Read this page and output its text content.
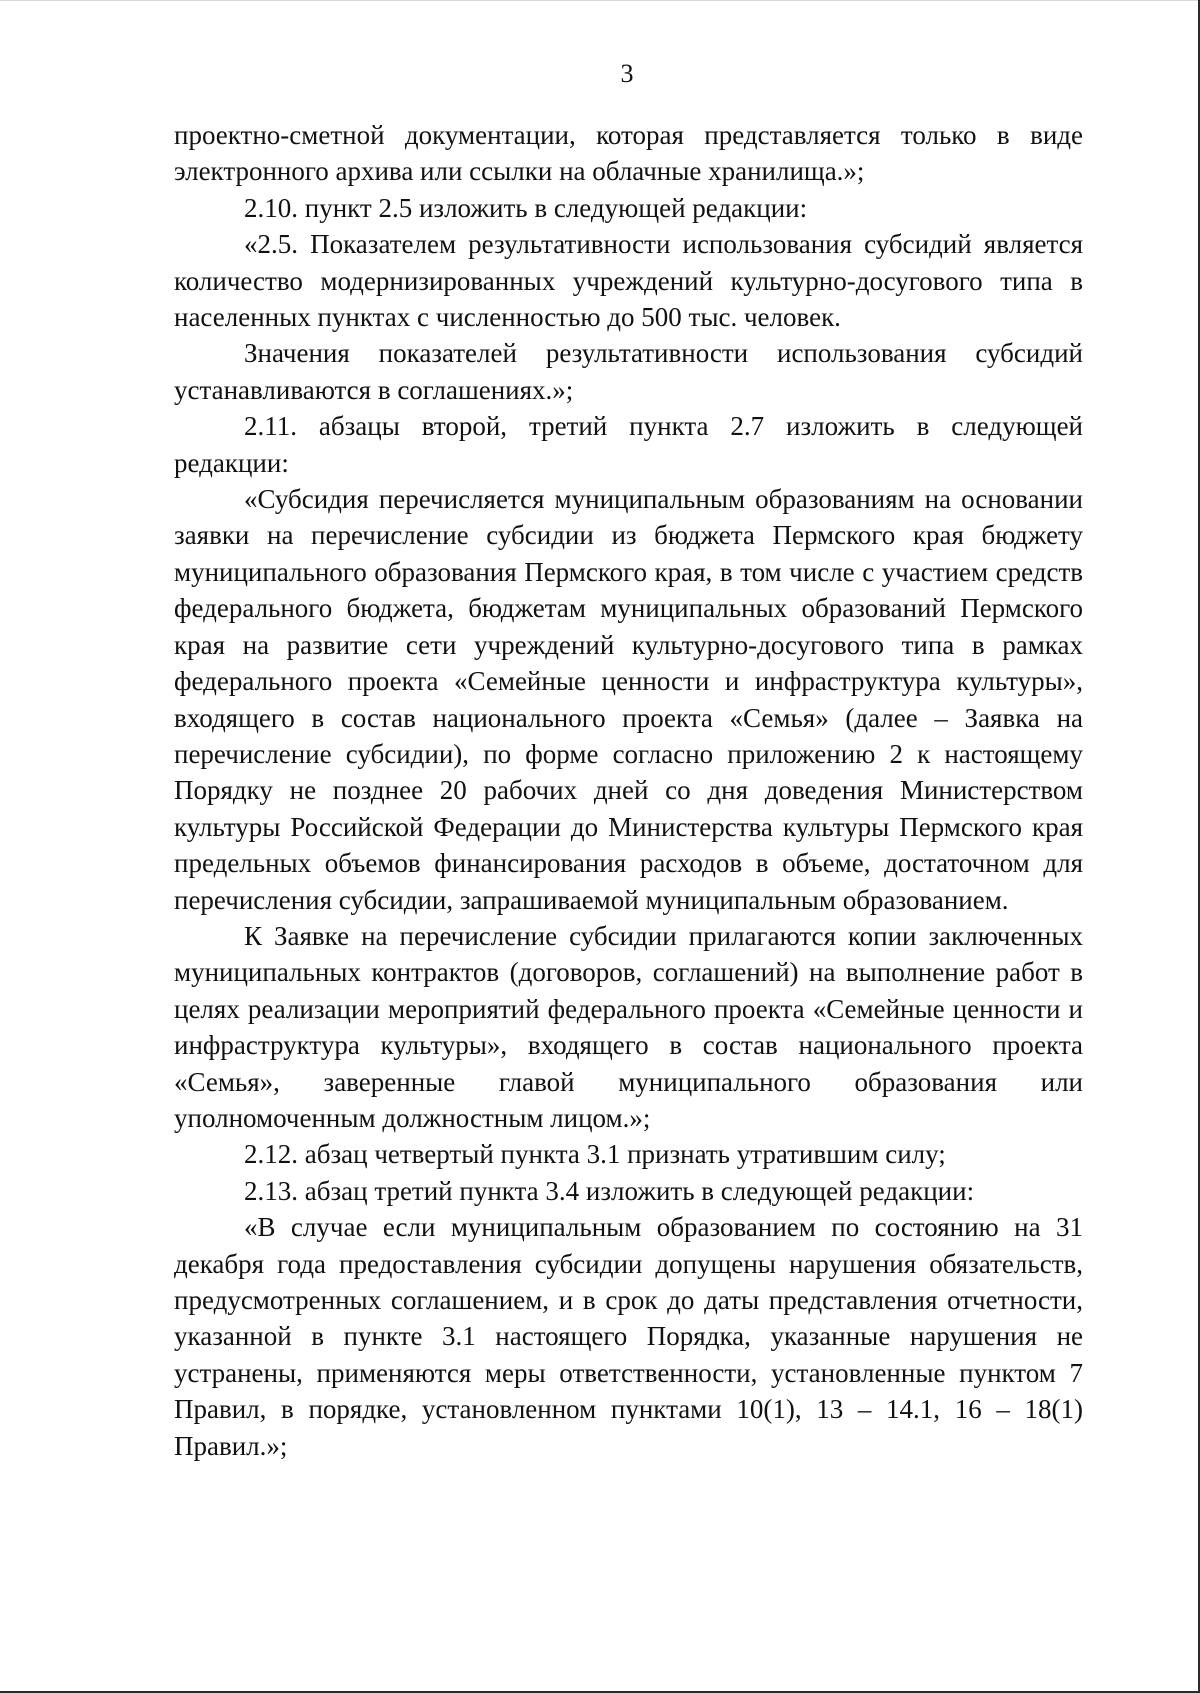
3

проектно-сметной документации, которая представляется только в виде электронного архива или ссылки на облачные хранилища.»;

2.10. пункт 2.5 изложить в следующей редакции:

«2.5. Показателем результативности использования субсидий является количество модернизированных учреждений культурно-досугового типа в населенных пунктах с численностью до 500 тыс. человек.

Значения показателей результативности использования субсидий устанавливаются в соглашениях.»;

2.11. абзацы второй, третий пункта 2.7 изложить в следующей редакции:

«Субсидия перечисляется муниципальным образованиям на основании заявки на перечисление субсидии из бюджета Пермского края бюджету муниципального образования Пермского края, в том числе с участием средств федерального бюджета, бюджетам муниципальных образований Пермского края на развитие сети учреждений культурно-досугового типа в рамках федерального проекта «Семейные ценности и инфраструктура культуры», входящего в состав национального проекта «Семья» (далее – Заявка на перечисление субсидии), по форме согласно приложению 2 к настоящему Порядку не позднее 20 рабочих дней со дня доведения Министерством культуры Российской Федерации до Министерства культуры Пермского края предельных объемов финансирования расходов в объеме, достаточном для перечисления субсидии, запрашиваемой муниципальным образованием.

К Заявке на перечисление субсидии прилагаются копии заключенных муниципальных контрактов (договоров, соглашений) на выполнение работ в целях реализации мероприятий федерального проекта «Семейные ценности и инфраструктура культуры», входящего в состав национального проекта «Семья», заверенные главой муниципального образования или уполномоченным должностным лицом.»;

2.12. абзац четвертый пункта 3.1 признать утратившим силу;

2.13. абзац третий пункта 3.4 изложить в следующей редакции:

«В случае если муниципальным образованием по состоянию на 31 декабря года предоставления субсидии допущены нарушения обязательств, предусмотренных соглашением, и в срок до даты представления отчетности, указанной в пункте 3.1 настоящего Порядка, указанные нарушения не устранены, применяются меры ответственности, установленные пунктом 7 Правил, в порядке, установленном пунктами 10(1), 13 – 14.1, 16 – 18(1) Правил.»;
